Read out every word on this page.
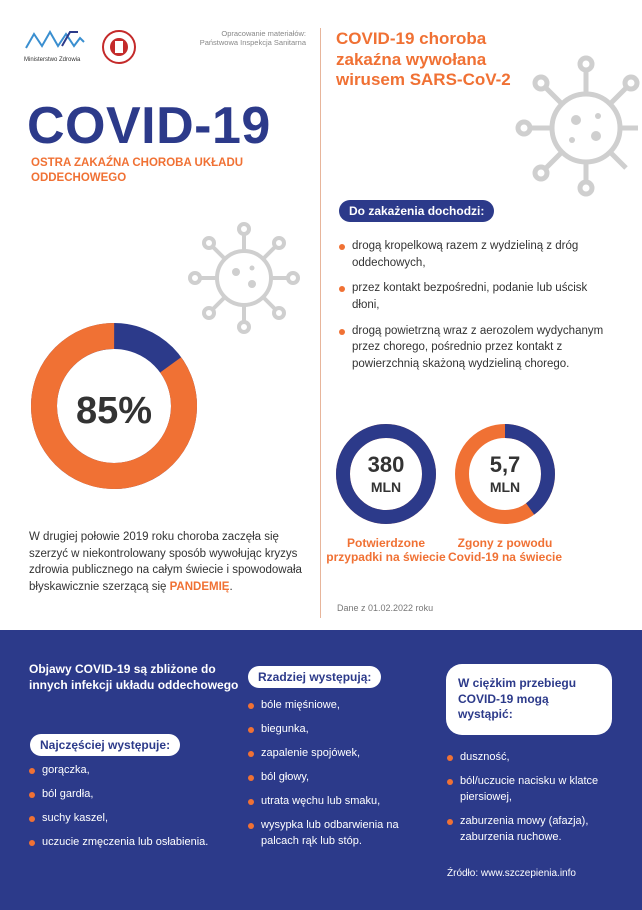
Ministerstwo Zdrowia
Opracowanie materiałów: Państwowa Inspekcja Sanitarna COVID-19 choroba zakaźna wywołana wirusem SARS-CoV-2
COVID-19
OSTRA ZAKAŹNA CHOROBA UKŁADU ODDECHOWEGO
85%

W drugiej połowie 2019 roku choroba zaczęła się szerzyć w niekontrolowany sposób wywołując kryzys zdrowia publicznego na całym świecie i spowodowała błyskawicznie szerzącą się PANDEMIĘ.

Do zakażenia dochodzi:
drogą kropelkową razem z wydzieliną z dróg oddechowych,
przez kontakt bezpośredni, podanie lub uścisk dłoni,
drogą powietrzną wraz z aerozolem wydychanym przez chorego, pośrednio przez kontakt z powierzchnią skażoną wydzieliną chorego.
380
MLN
Potwierdzone przypadki na świecie
5,7
MLN
Zgony z powodu Covid-19 na świecie
Dane z 01.02.2022 roku
Objawy COVID-19 są zbliżone do innych infekcji układu oddechowego
Najczęściej występuje:
gorączka,
ból gardła,
suchy kaszel,
uczucie zmęczenia lub osłabienia.
Rzadziej występują:
bóle mięśniowe,
biegunka,
zapalenie spojówek,
ból głowy,
utrata węchu lub smaku,
wysypka lub odbarwienia na palcach rąk lub stóp.
W ciężkim przebiegu COVID-19 mogą wystąpić:
duszność,
ból/uczucie nacisku w klatce piersiowej,
zaburzenia mowy (afazja), zaburzenia ruchowe.
Źródło: www.szczepienia.info
